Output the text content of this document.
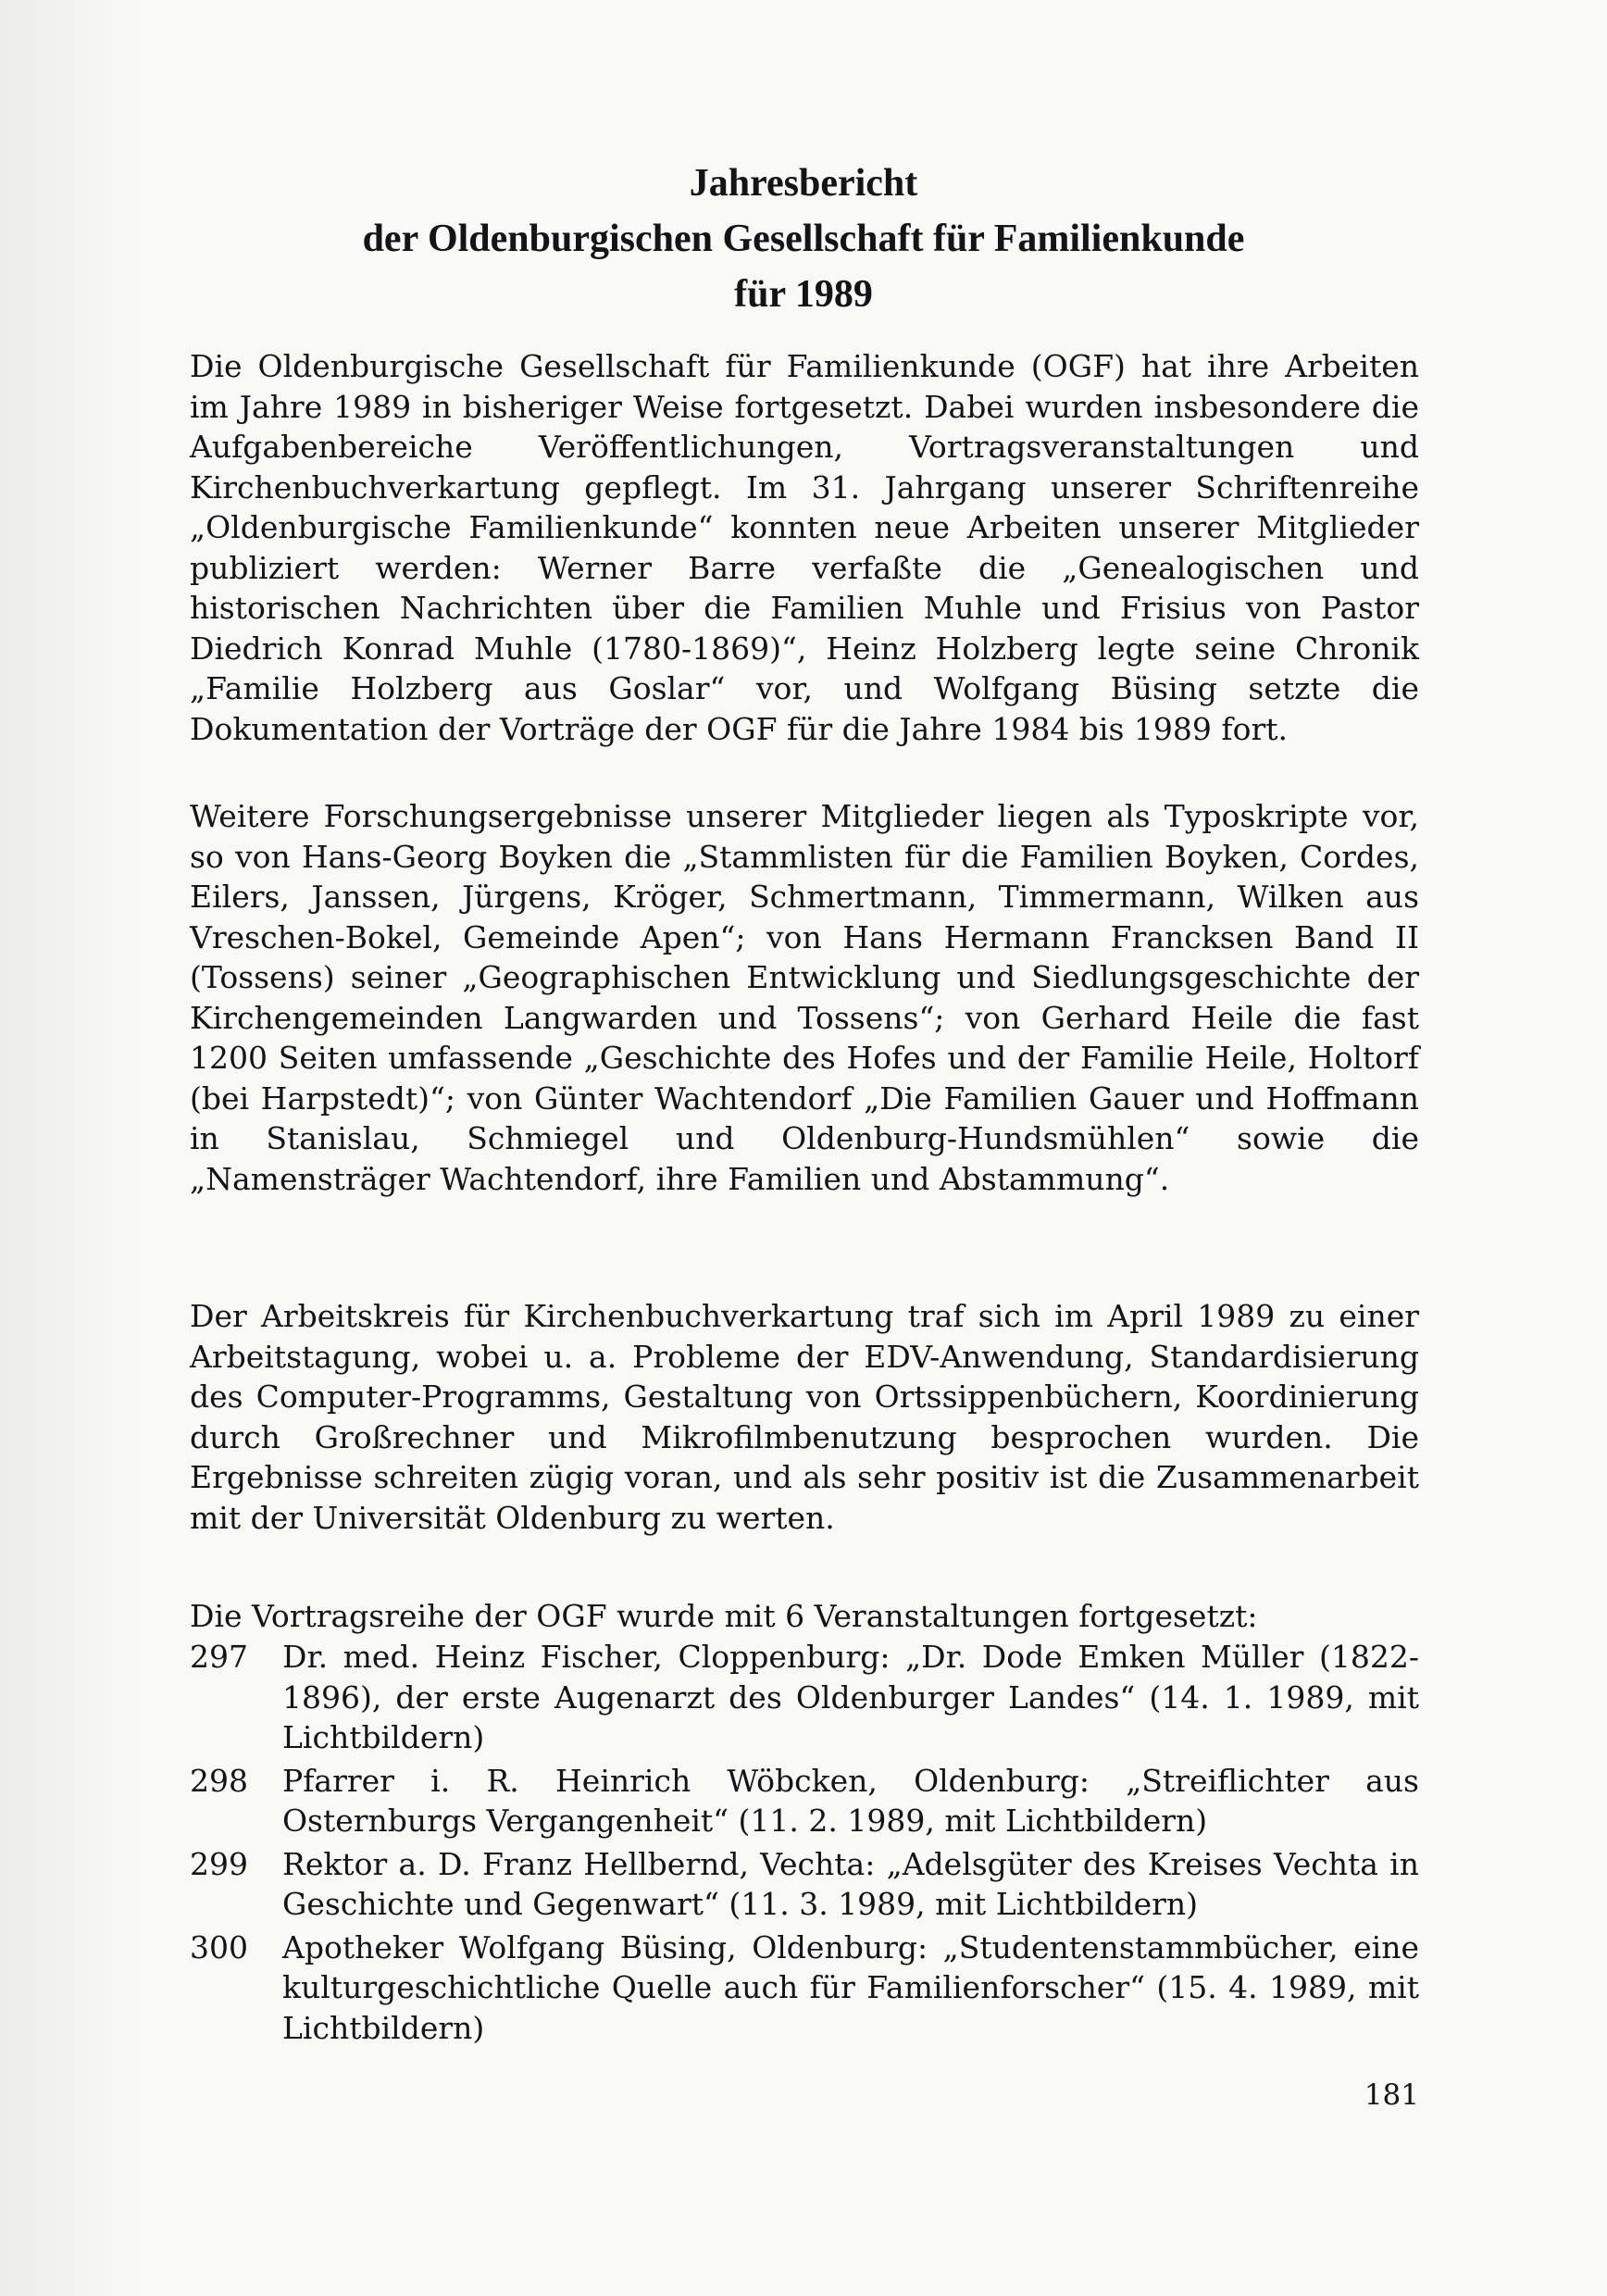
Jahresbericht
der Oldenburgischen Gesellschaft für Familienkunde
für 1989
Die Oldenburgische Gesellschaft für Familienkunde (OGF) hat ihre Arbeiten im Jahre 1989 in bisheriger Weise fortgesetzt. Dabei wurden insbesondere die Aufgabenbereiche Veröffentlichungen, Vortragsveranstaltungen und Kirchenbuchverkartung gepflegt. Im 31. Jahrgang unserer Schriftenreihe „Oldenburgische Familienkunde“ konnten neue Arbeiten unserer Mitglieder publiziert werden: Werner Barre verfaßte die „Genealogischen und historischen Nachrichten über die Familien Muhle und Frisius von Pastor Diedrich Konrad Muhle (1780-1869)“, Heinz Holzberg legte seine Chronik „Familie Holzberg aus Goslar“ vor, und Wolfgang Büsing setzte die Dokumentation der Vorträge der OGF für die Jahre 1984 bis 1989 fort.
Weitere Forschungsergebnisse unserer Mitglieder liegen als Typoskripte vor, so von Hans-Georg Boyken die „Stammlisten für die Familien Boyken, Cordes, Eilers, Janssen, Jürgens, Kröger, Schmertmann, Timmermann, Wilken aus Vreschen-Bokel, Gemeinde Apen“; von Hans Hermann Francksen Band II (Tossens) seiner „Geographischen Entwicklung und Siedlungsgeschichte der Kirchengemeinden Langwarden und Tossens“; von Gerhard Heile die fast 1200 Seiten umfassende „Geschichte des Hofes und der Familie Heile, Holtorf (bei Harpstedt)“; von Günter Wachtendorf „Die Familien Gauer und Hoffmann in Stanislau, Schmiegel und Oldenburg-Hundsmühlen“ sowie die „Namensträger Wachtendorf, ihre Familien und Abstammung“.
Der Arbeitskreis für Kirchenbuchverkartung traf sich im April 1989 zu einer Arbeitstagung, wobei u. a. Probleme der EDV-Anwendung, Standardisierung des Computer-Programms, Gestaltung von Ortssippenbüchern, Koordinierung durch Großrechner und Mikrofilmbenutzung besprochen wurden. Die Ergebnisse schreiten zügig voran, und als sehr positiv ist die Zusammenarbeit mit der Universität Oldenburg zu werten.
Die Vortragsreihe der OGF wurde mit 6 Veranstaltungen fortgesetzt:
297	Dr. med. Heinz Fischer, Cloppenburg: „Dr. Dode Emken Müller (1822-1896), der erste Augenarzt des Oldenburger Landes“ (14. 1. 1989, mit Lichtbildern)
298	Pfarrer i. R. Heinrich Wöbcken, Oldenburg: „Streiflichter aus Osternburgs Vergangenheit“ (11. 2. 1989, mit Lichtbildern)
299	Rektor a. D. Franz Hellbernd, Vechta: „Adelsgüter des Kreises Vechta in Geschichte und Gegenwart“ (11. 3. 1989, mit Lichtbildern)
300	Apotheker Wolfgang Büsing, Oldenburg: „Studentenstammbücher, eine kulturgeschichtliche Quelle auch für Familienforscher“ (15. 4. 1989, mit Lichtbildern)
181
